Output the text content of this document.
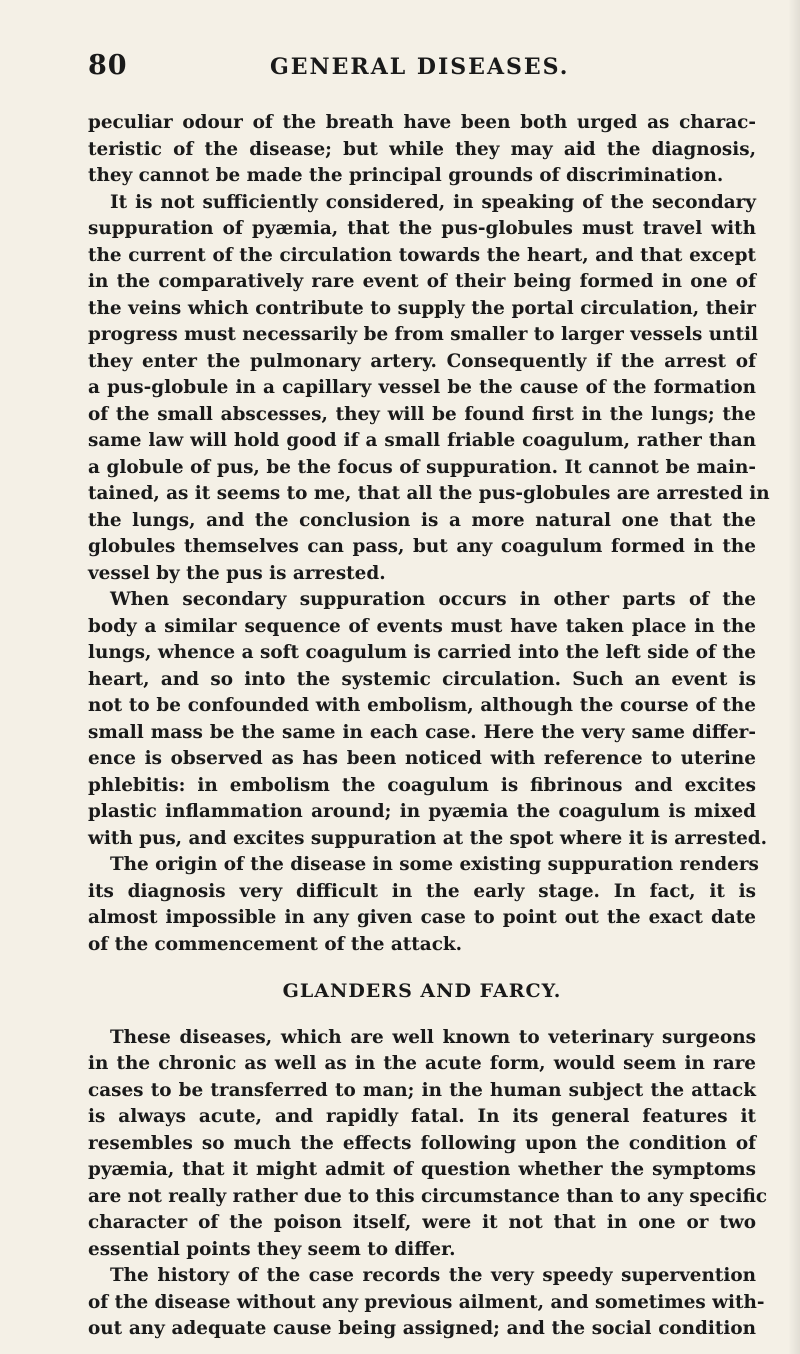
80	GENERAL DISEASES.
peculiar odour of the breath have been both urged as charac-
teristic of the disease; but while they may aid the diagnosis,
they cannot be made the principal grounds of discrimination.
It is not sufficiently considered, in speaking of the secondary
suppuration of pyæmia, that the pus-globules must travel with
the current of the circulation towards the heart, and that except
in the comparatively rare event of their being formed in one of
the veins which contribute to supply the portal circulation, their
progress must necessarily be from smaller to larger vessels until
they enter the pulmonary artery. Consequently if the arrest of
a pus-globule in a capillary vessel be the cause of the formation
of the small abscesses, they will be found first in the lungs; the
same law will hold good if a small friable coagulum, rather than
a globule of pus, be the focus of suppuration. It cannot be main-
tained, as it seems to me, that all the pus-globules are arrested in
the lungs, and the conclusion is a more natural one that the
globules themselves can pass, but any coagulum formed in the
vessel by the pus is arrested.
When secondary suppuration occurs in other parts of the
body a similar sequence of events must have taken place in the
lungs, whence a soft coagulum is carried into the left side of the
heart, and so into the systemic circulation. Such an event is
not to be confounded with embolism, although the course of the
small mass be the same in each case. Here the very same differ-
ence is observed as has been noticed with reference to uterine
phlebitis: in embolism the coagulum is fibrinous and excites
plastic inflammation around; in pyæmia the coagulum is mixed
with pus, and excites suppuration at the spot where it is arrested.
The origin of the disease in some existing suppuration renders
its diagnosis very difficult in the early stage. In fact, it is
almost impossible in any given case to point out the exact date
of the commencement of the attack.
GLANDERS AND FARCY.
These diseases, which are well known to veterinary surgeons
in the chronic as well as in the acute form, would seem in rare
cases to be transferred to man; in the human subject the attack
is always acute, and rapidly fatal. In its general features it
resembles so much the effects following upon the condition of
pyæmia, that it might admit of question whether the symptoms
are not really rather due to this circumstance than to any specific
character of the poison itself, were it not that in one or two
essential points they seem to differ.
The history of the case records the very speedy supervention
of the disease without any previous ailment, and sometimes with-
out any adequate cause being assigned; and the social condition
